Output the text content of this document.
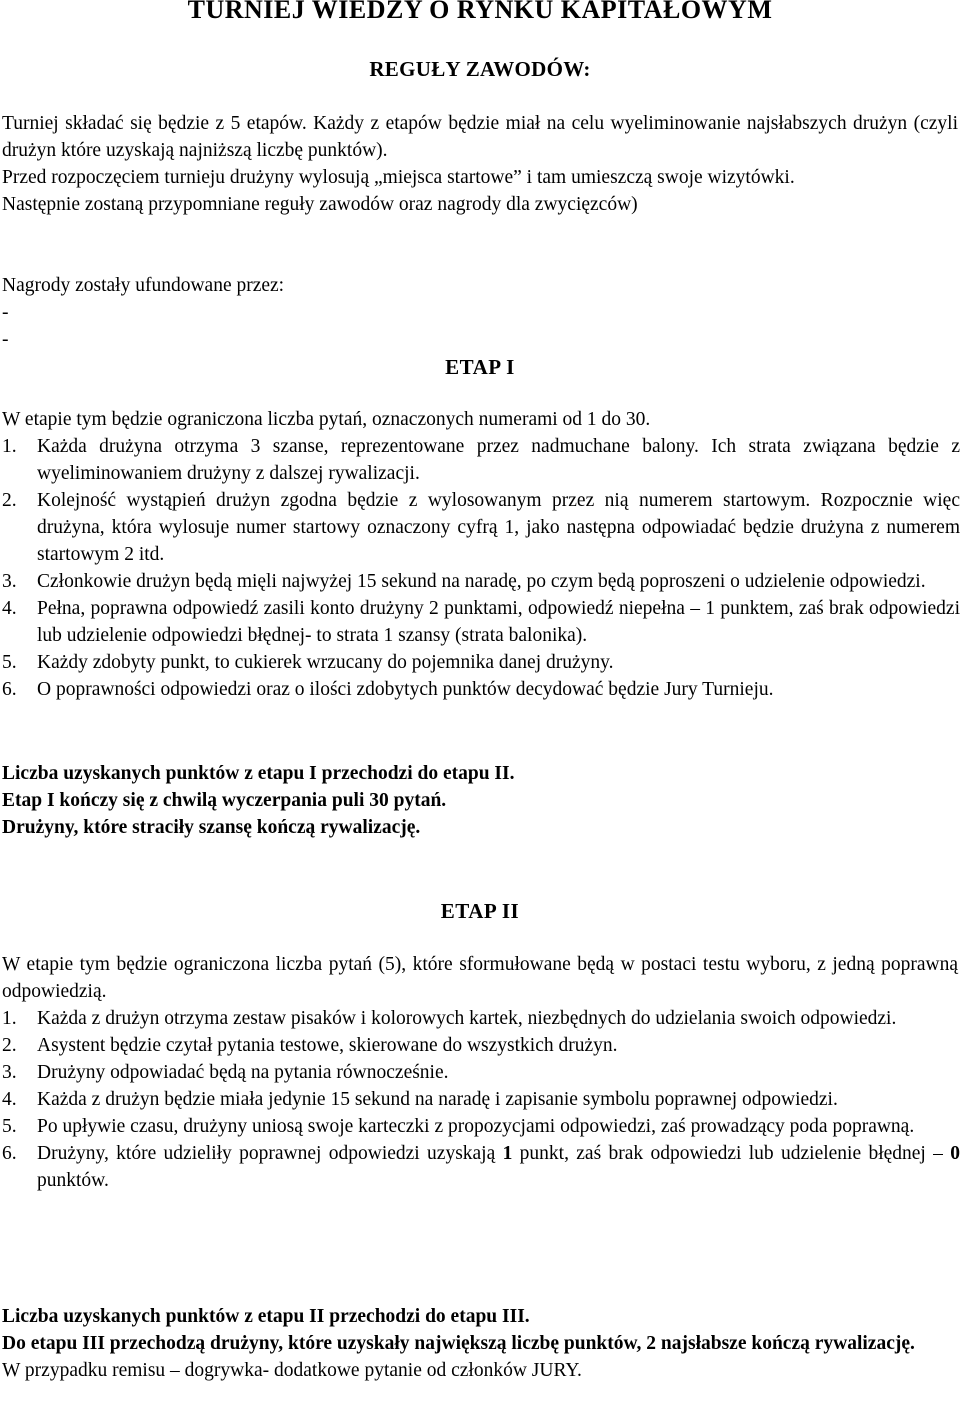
TURNIEJ WIEDZY O RYNKU KAPITAŁOWYM
REGUŁY ZAWODÓW:

Turniej składać się będzie z 5 etapów. Każdy z etapów będzie miał na celu wyeliminowanie najsłabszych drużyn (czyli drużyn które uzyskają najniższą liczbę punktów).

Przed rozpoczęciem turnieju drużyny wylosują „miejsca startowe” i tam umieszczą swoje wizytówki.

Następnie zostaną przypomniane reguły zawodów oraz nagrody dla zwycięzców)

Nagrody zostały ufundowane przez:
-
-
ETAP I
W etapie tym będzie ograniczona liczba pytań, oznaczonych numerami od 1 do 30.
1. Każda drużyna otrzyma 3 szanse, reprezentowane przez nadmuchane balony. Ich strata związana będzie z wyeliminowaniem drużyny z dalszej rywalizacji.
2. Kolejność wystąpień drużyn zgodna będzie z wylosowanym przez nią numerem startowym. Rozpocznie więc drużyna, która wylosuje numer startowy oznaczony cyfrą 1, jako następna odpowiadać będzie drużyna z numerem startowym 2 itd.
3. Członkowie drużyn będą mięli najwyżej 15 sekund na naradę, po czym będą poproszeni o udzielenie odpowiedzi.
4. Pełna, poprawna odpowiedź zasili konto drużyny 2 punktami, odpowiedź niepełna – 1 punktem, zaś brak odpowiedzi lub udzielenie odpowiedzi błędnej- to strata 1 szansy (strata balonika).
5. Każdy zdobyty punkt, to cukierek wrzucany do pojemnika danej drużyny.
6. O poprawności odpowiedzi oraz o ilości zdobytych punktów decydować będzie Jury Turnieju.

Liczba uzyskanych punktów z etapu I przechodzi do etapu II.

Etap I kończy się z chwilą wyczerpania puli 30 pytań.

Drużyny, które straciły szansę kończą rywalizację.

ETAP II
W etapie tym będzie ograniczona liczba pytań (5), które sformułowane będą w postaci testu wyboru, z jedną poprawną odpowiedzią.
1. Każda z drużyn otrzyma zestaw pisaków i kolorowych kartek, niezbędnych do udzielania swoich odpowiedzi.
2. Asystent będzie czytał pytania testowe, skierowane do wszystkich drużyn.
3. Drużyny odpowiadać będą na pytania równocześnie.
4. Każda z drużyn będzie miała jedynie 15 sekund na naradę i zapisanie symbolu poprawnej odpowiedzi.
5. Po upływie czasu, drużyny uniosą swoje karteczki z propozycjami odpowiedzi, zaś prowadzący poda poprawną.
6. Drużyny, które udzieliły poprawnej odpowiedzi uzyskają 1 punkt, zaś brak odpowiedzi lub udzielenie błędnej – 0 punktów.

Liczba uzyskanych punktów z etapu II przechodzi do etapu III.

Do etapu III przechodzą drużyny, które uzyskały największą liczbę punktów, 2 najsłabsze kończą rywalizację.

W przypadku remisu – dogrywka- dodatkowe pytanie od członków JURY.
